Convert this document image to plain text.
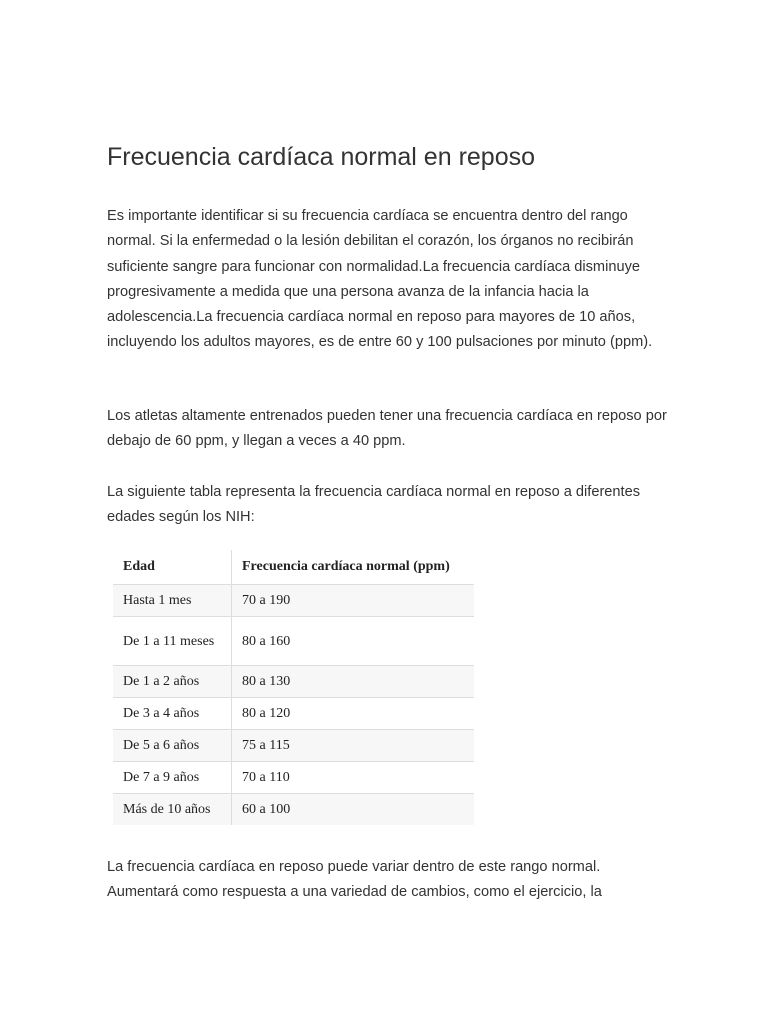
Frecuencia cardíaca normal en reposo

Es importante identificar si su frecuencia cardíaca se encuentra dentro del rango normal. Si la enfermedad o la lesión debilitan el corazón, los órganos no recibirán suficiente sangre para funcionar con normalidad.La frecuencia cardíaca disminuye progresivamente a medida que una persona avanza de la infancia hacia la adolescencia.La frecuencia cardíaca normal en reposo para mayores de 10 años, incluyendo los adultos mayores, es de entre 60 y 100 pulsaciones por minuto (ppm).

Los atletas altamente entrenados pueden tener una frecuencia cardíaca en reposo por debajo de 60 ppm, y llegan a veces a 40 ppm.

La siguiente tabla representa la frecuencia cardíaca normal en reposo a diferentes edades según los NIH:

Edad	Frecuencia cardíaca normal (ppm)
Hasta 1 mes	70 a 190
De 1 a 11 meses	80 a 160
De 1 a 2 años	80 a 130
De 3 a 4 años	80 a 120
De 5 a 6 años	75 a 115
De 7 a 9 años	70 a 110
Más de 10 años	60 a 100

La frecuencia cardíaca en reposo puede variar dentro de este rango normal. Aumentará como respuesta a una variedad de cambios, como el ejercicio, la
